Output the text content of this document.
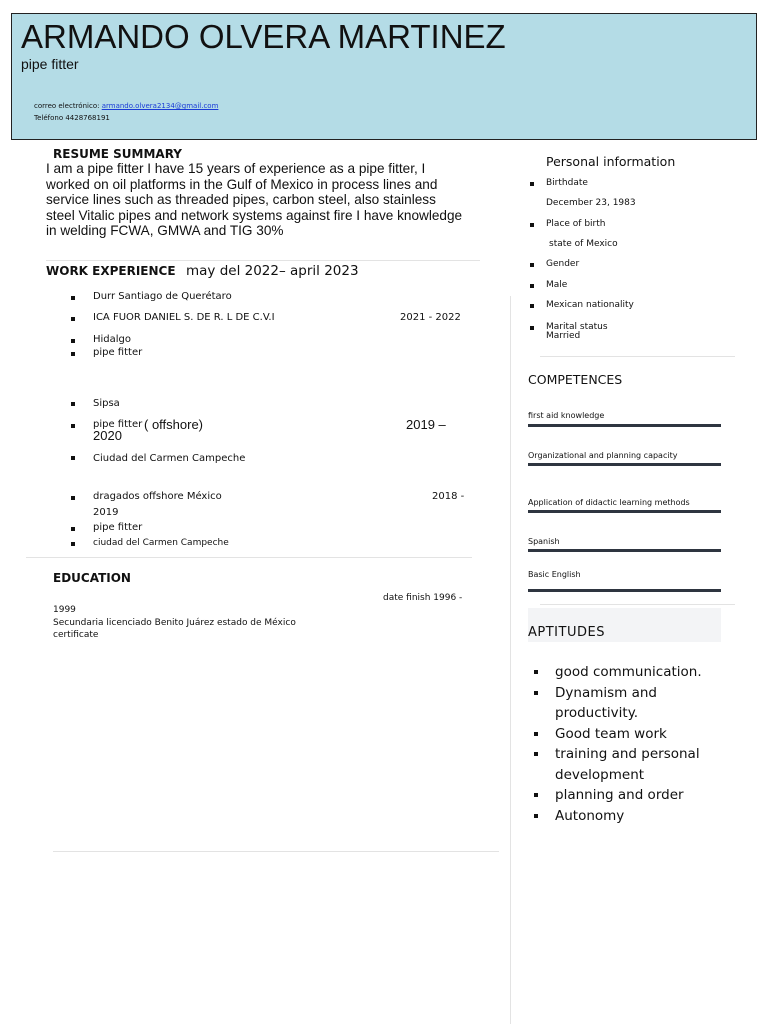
ARMANDO OLVERA MARTINEZ
pipe fitter
correo electrónico: armando.olvera2134@gmail.com
Teléfono 4428768191
RESUME SUMMARY
I am a pipe fitter I have 15 years of experience as a pipe fitter, I worked on oil platforms in the Gulf of Mexico in process lines and service lines such as threaded pipes, carbon steel, also stainless steel Vitalic pipes and network systems against fire I have knowledge in welding FCWA, GMWA and TIG 30%
WORK EXPERIENCE may del 2022– april 2023
Durr Santiago de Querétaro
ICA FUOR DANIEL S. DE R. L DE C.V.I	2021 - 2022
Hidalgo
pipe fitter
Sipsa
pipe fitter ( offshore)	2019 –
2020
Ciudad del Carmen Campeche
dragados offshore México	2018 -
2019
pipe fitter
ciudad del Carmen Campeche
EDUCATION
date finish 1996 -
1999
Secundaria licenciado Benito Juárez estado de México
certificate
Personal information
Birthdate
December 23, 1983
Place of birth
state of Mexico
Gender
Male
Mexican nationality
Marital status
Married
COMPETENCES
first aid knowledge
Organizational and planning capacity
Application of didactic learning methods
Spanish
Basic English
APTITUDES
good communication.
Dynamism and productivity.
Good team work
training and personal development
planning and order
Autonomy
